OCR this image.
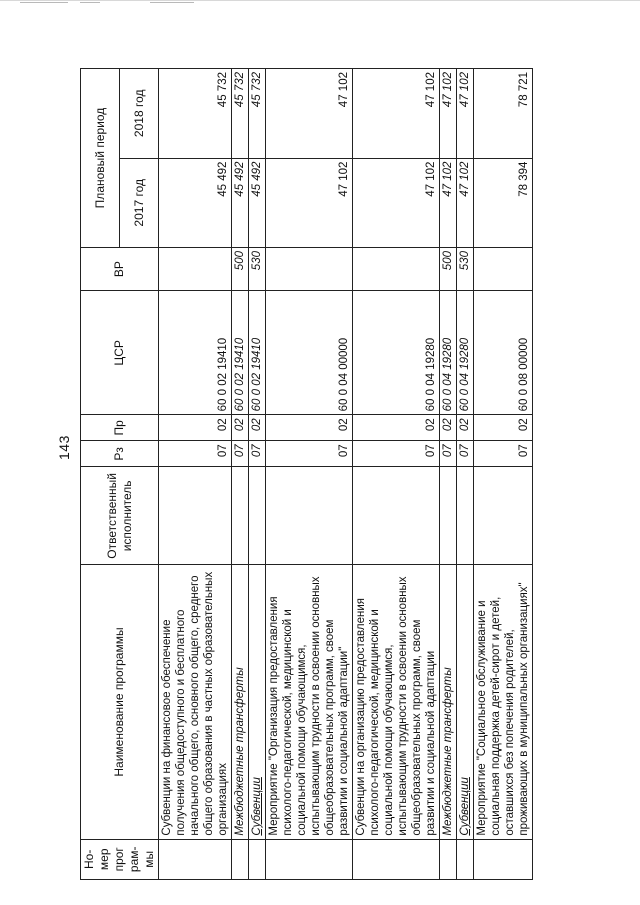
143
Но-мер прог рам-мы	Наименование программы	Ответственный исполнитель	Рз	Пр	ЦСР	ВР	Плановый период	
							2017 год	2018 год
	Субвенции на финансовое обеспечение получения общедоступного и бесплатного начального общего, основного общего, среднего общего образования в частных образовательных организациях		07	02	60 0 02 19410		45 492	45 732
	Межбюджетные трансферты		07	02	60 0 02 19410	500	45 492	45 732
	Субвенции		07	02	60 0 02 19410	530	45 492	45 732
	Мероприятие "Организация предоставления психолого-педагогической, медицинской и социальной помощи обучающимся, испытывающим трудности в освоении основных общеобразовательных программ, своем развитии и социальной адаптации"		07	02	60 0 04 00000		47 102	47 102
	Субвенции на организацию предоставления психолого-педагогической, медицинской и социальной помощи обучающимся, испытывающим трудности в освоении основных общеобразовательных программ, своем развитии и социальной адаптации		07	02	60 0 04 19280		47 102	47 102
	Межбюджетные трансферты		07	02	60 0 04 19280	500	47 102	47 102
	Субвенции		07	02	60 0 04 19280	530	47 102	47 102
	Мероприятие "Социальное обслуживание и социальная поддержка детей-сирот и детей, оставшихся без попечения родителей, проживающих в муниципальных организациях"		07	02	60 0 08 00000		78 394	78 721
